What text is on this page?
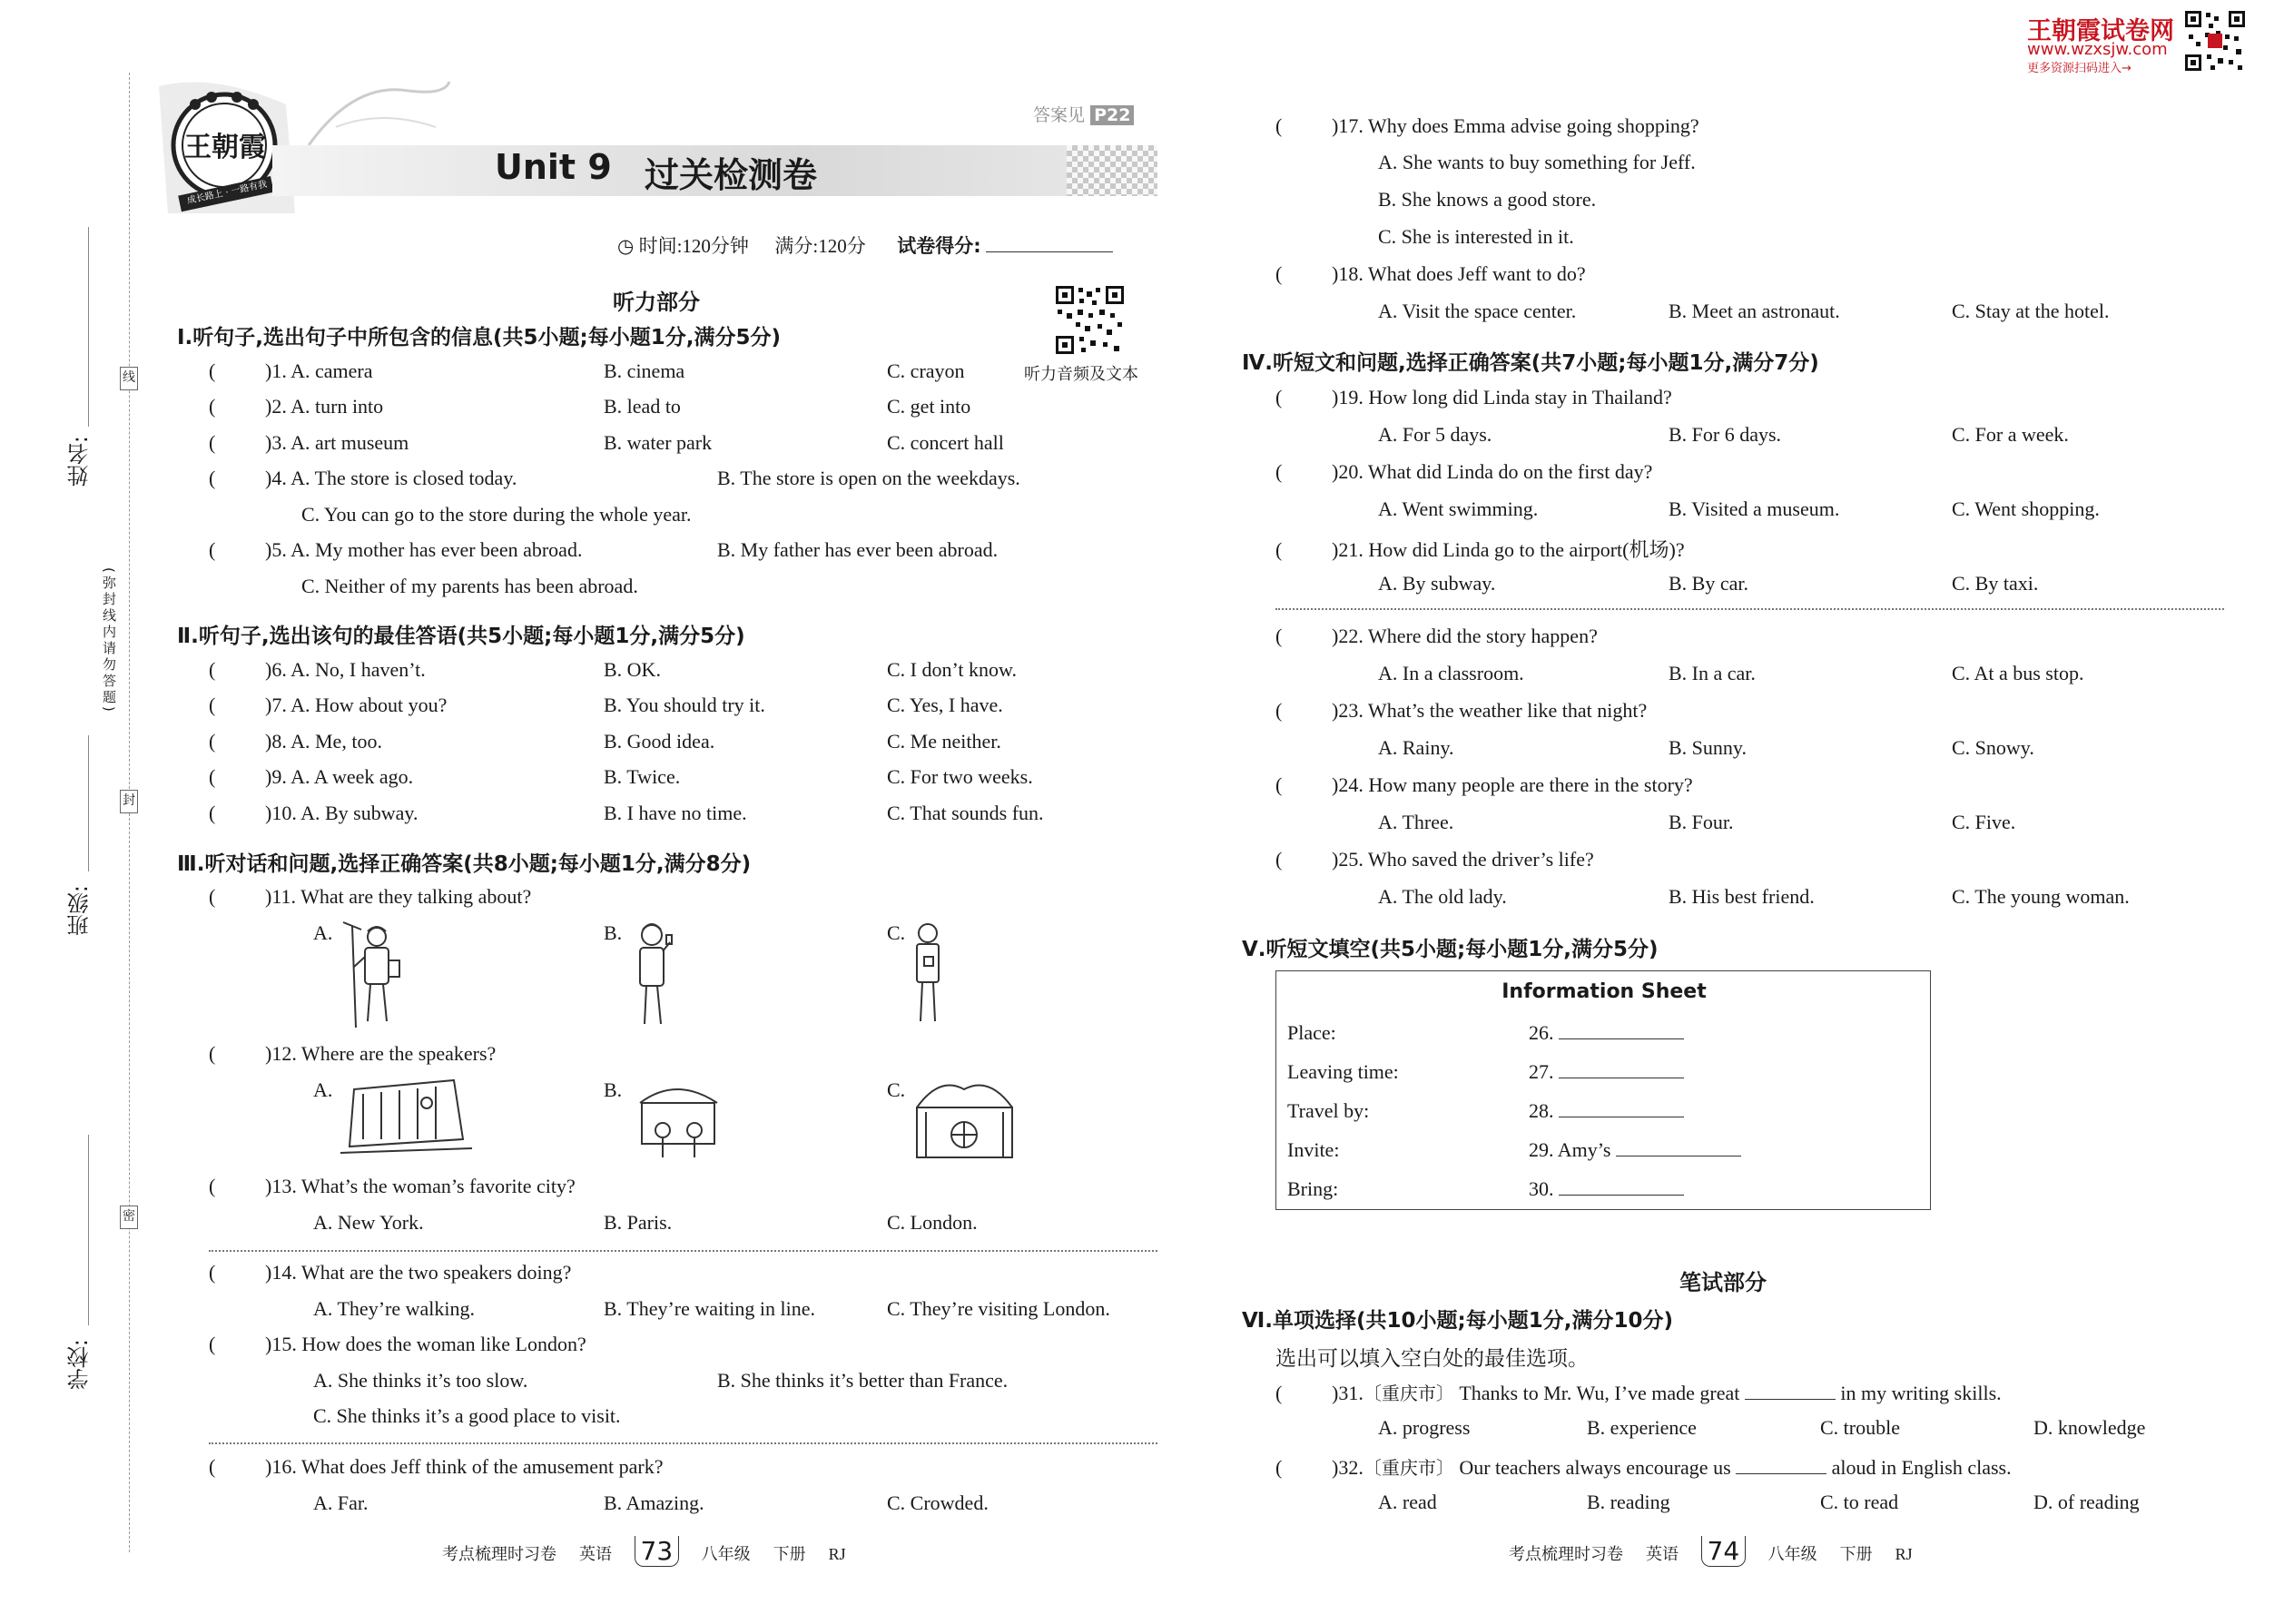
姓名:
班级:
学校:
线
(弥封线内请勿答题)
封
密
王朝霞
成长路上 · 一路有我
Unit 9 过关检测卷
答案见 P22
◷ 时间:120分钟 满分:120分 试卷得分:
王朝霞试卷网
www.wzxsjw.com
更多资源扫码进入→
听力部分
听力音频及文本
Ⅰ.听句子,选出句子中所包含的信息(共5小题;每小题1分,满分5分)
( )1. A. camera	B. cinema	C. crayon
( )2. A. turn into	B. lead to	C. get into
( )3. A. art museum	B. water park	C. concert hall
( )4. A. The store is closed today.	B. The store is open on the weekdays.
C. You can go to the store during the whole year.
( )5. A. My mother has ever been abroad.	B. My father has ever been abroad.
C. Neither of my parents has been abroad.
Ⅱ.听句子,选出该句的最佳答语(共5小题;每小题1分,满分5分)
( )6. A. No, I haven’t.	B. OK.	C. I don’t know.
( )7. A. How about you?	B. You should try it.	C. Yes, I have.
( )8. A. Me, too.	B. Good idea.	C. Me neither.
( )9. A. A week ago.	B. Twice.	C. For two weeks.
( )10. A. By subway.	B. I have no time.	C. That sounds fun.
Ⅲ.听对话和问题,选择正确答案(共8小题;每小题1分,满分8分)
( )11. What are they talking about?
A.	B.	C.
( )12. Where are the speakers?
A.	B.	C.
( )13. What’s the woman’s favorite city?
A. New York.	B. Paris.	C. London.
( )14. What are the two speakers doing?
A. They’re walking.	B. They’re waiting in line.	C. They’re visiting London.
( )15. How does the woman like London?
A. She thinks it’s too slow.	B. She thinks it’s better than France.
C. She thinks it’s a good place to visit.
( )16. What does Jeff think of the amusement park?
A. Far.	B. Amazing.	C. Crowded.
考点梳理时习卷 英语 73 八年级 下册 RJ
( )17. Why does Emma advise going shopping?
A. She wants to buy something for Jeff.
B. She knows a good store.
C. She is interested in it.
( )18. What does Jeff want to do?
A. Visit the space center.	B. Meet an astronaut.	C. Stay at the hotel.
Ⅳ.听短文和问题,选择正确答案(共7小题;每小题1分,满分7分)
( )19. How long did Linda stay in Thailand?
A. For 5 days.	B. For 6 days.	C. For a week.
( )20. What did Linda do on the first day?
A. Went swimming.	B. Visited a museum.	C. Went shopping.
( )21. How did Linda go to the airport(机场)?
A. By subway.	B. By car.	C. By taxi.
( )22. Where did the story happen?
A. In a classroom.	B. In a car.	C. At a bus stop.
( )23. What’s the weather like that night?
A. Rainy.	B. Sunny.	C. Snowy.
( )24. How many people are there in the story?
A. Three.	B. Four.	C. Five.
( )25. Who saved the driver’s life?
A. The old lady.	B. His best friend.	C. The young woman.
Ⅴ.听短文填空(共5小题;每小题1分,满分5分)
Information Sheet
Place:	26.
Leaving time:	27.
Travel by:	28.
Invite:	29. Amy’s
Bring:	30.
笔试部分
Ⅵ.单项选择(共10小题;每小题1分,满分10分)
选出可以填入空白处的最佳选项。
( )31.〔重庆市〕 Thanks to Mr. Wu, I’ve made great	in my writing skills.
A. progress	B. experience	C. trouble	D. knowledge
( )32.〔重庆市〕 Our teachers always encourage us	aloud in English class.
A. read	B. reading	C. to read	D. of reading
考点梳理时习卷 英语 74 八年级 下册 RJ
